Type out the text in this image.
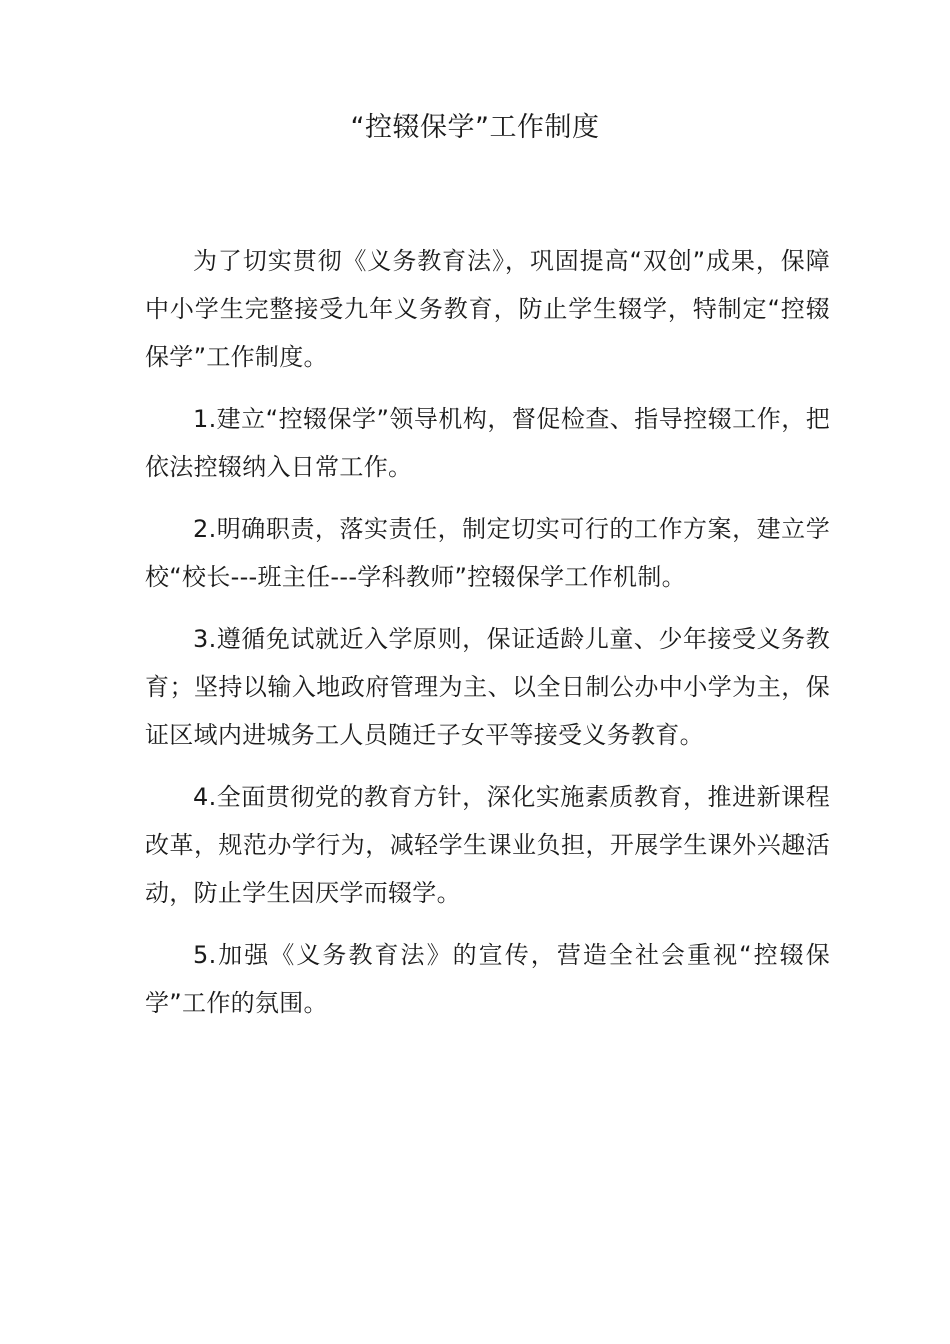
“控辍保学”工作制度

为了切实贯彻《义务教育法》，巩固提高“双创”成果，保障中小学生完整接受九年义务教育，防止学生辍学，特制定“控辍保学”工作制度。

1.建立“控辍保学”领导机构，督促检查、指导控辍工作，把依法控辍纳入日常工作。

2.明确职责，落实责任，制定切实可行的工作方案，建立学校“校长---班主任---学科教师”控辍保学工作机制。

3.遵循免试就近入学原则，保证适龄儿童、少年接受义务教育；坚持以输入地政府管理为主、以全日制公办中小学为主，保证区域内进城务工人员随迁子女平等接受义务教育。

4.全面贯彻党的教育方针，深化实施素质教育，推进新课程改革，规范办学行为，减轻学生课业负担，开展学生课外兴趣活动，防止学生因厌学而辍学。

5.加强《义务教育法》的宣传，营造全社会重视“控辍保学”工作的氛围。
